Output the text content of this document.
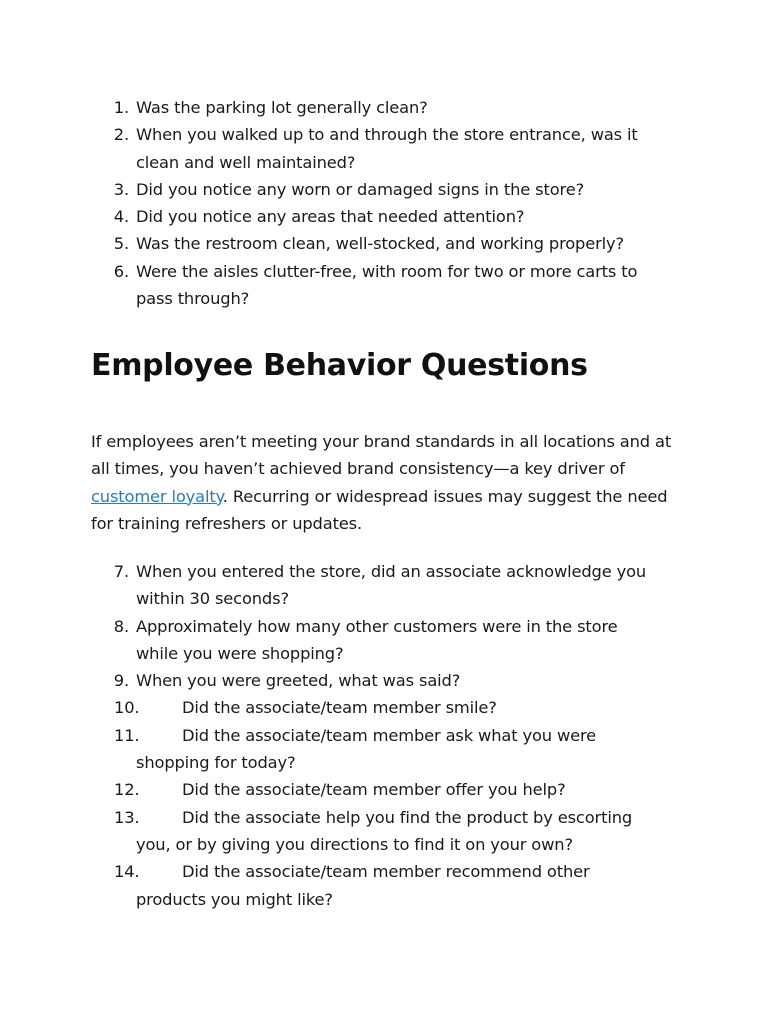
1. Was the parking lot generally clean?
2. When you walked up to and through the store entrance, was it clean and well maintained?
3. Did you notice any worn or damaged signs in the store?
4. Did you notice any areas that needed attention?
5. Was the restroom clean, well-stocked, and working properly?
6. Were the aisles clutter-free, with room for two or more carts to pass through?
Employee Behavior Questions

If employees aren’t meeting your brand standards in all locations and at all times, you haven’t achieved brand consistency—a key driver of customer loyalty. Recurring or widespread issues may suggest the need for training refreshers or updates.

7. When you entered the store, did an associate acknowledge you within 30 seconds?
8. Approximately how many other customers were in the store while you were shopping?
9. When you were greeted, what was said?
10.	Did the associate/team member smile?
11.	Did the associate/team member ask what you were shopping for today?
12.	Did the associate/team member offer you help?
13.	Did the associate help you find the product by escorting you, or by giving you directions to find it on your own?
14.	Did the associate/team member recommend other products you might like?
